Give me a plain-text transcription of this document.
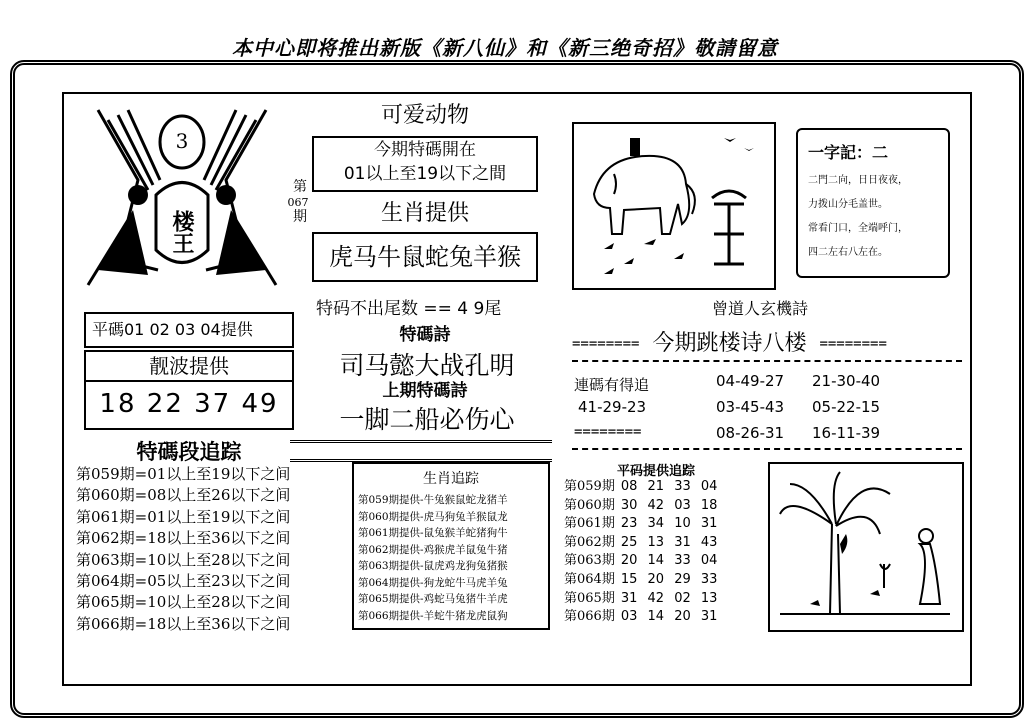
本中心即将推出新版《新八仙》和《新三绝奇招》敬請留意
3
楼王
第
067
期
可爱动物
今期特碼開在
01以上至19以下之間
生肖提供
虎马牛鼠蛇兔羊猴
特码不出尾数 == 4 9尾
特碼詩
司马懿大战孔明
上期特碼詩
一脚二船必伤心
平碼01 02 03 04提供
靓波提供
18 22 37 49
特碼段追踪
第059期=01以上至19以下之间
第060期=08以上至26以下之间
第061期=01以上至19以下之间
第062期=18以上至36以下之间
第063期=10以上至28以下之间
第064期=05以上至23以下之间
第065期=10以上至28以下之间
第066期=18以上至36以下之间
生肖追踪
第059期提供-牛兔猴鼠蛇龙猪羊
第060期提供-虎马狗兔羊猴鼠龙
第061期提供-鼠兔猴羊蛇猪狗牛
第062期提供-鸡猴虎羊鼠兔牛猪
第063期提供-鼠虎鸡龙狗兔猪猴
第064期提供-狗龙蛇牛马虎羊兔
第065期提供-鸡蛇马兔猪牛羊虎
第066期提供-羊蛇牛猪龙虎鼠狗
一字記：二
二門二向，日日夜夜，
力拨山分毛盖世。
常看门口，全端呼门，
四二左右八左在。
曾道人玄機詩
======== 今期跳楼诗八楼 ========
連碼有得追	04-49-27 21-30-40
41-29-23	03-45-43 05-22-15
========	08-26-31 16-11-39
平码提供追踪
第059期 08 21 33 04
第060期 30 42 03 18
第061期 23 34 10 31
第062期 25 13 31 43
第063期 20 14 33 04
第064期 15 20 29 33
第065期 31 42 02 13
第066期 03 14 20 31
